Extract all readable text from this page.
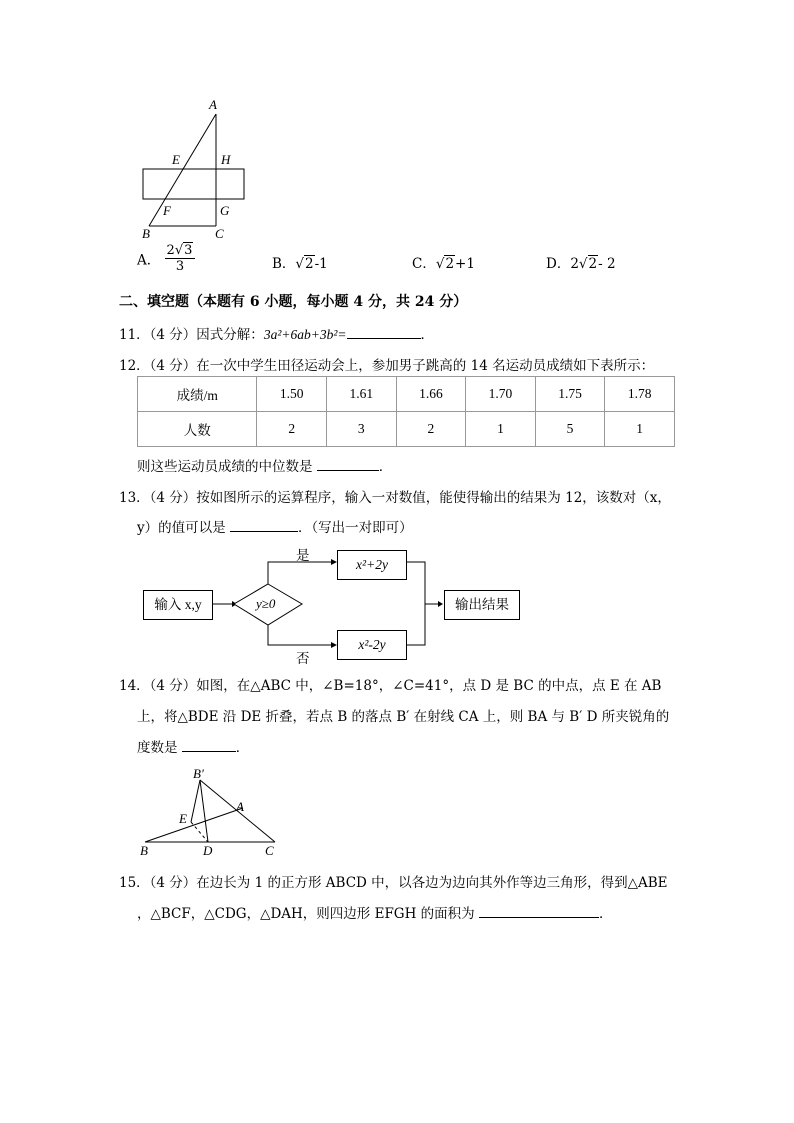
A
E	H
F	G
B	C
A． $\frac{2√3}{3}$	B．√2-1	C．√2+1	D．2√2- 2
二、填空题（本题有 6 小题，每小题 4 分，共 24 分）
11．（4 分）因式分解：3a²+6ab+3b²=	．
12．（4 分）在一次中学生田径运动会上，参加男子跳高的 14 名运动员成绩如下表所示：
成绩/m	1.50	1.61	1.66	1.70	1.75	1.78
人数	2	3	2	1	5	1
则这些运动员成绩的中位数是	．
13．（4 分）按如图所示的运算程序，输入一对数值，能使得输出的结果为 12，该数对（x，
y）的值可以是	．（写出一对即可）
输入 x,y	y≥0
是
否
x²+2y
x²-2y
输出结果
14．（4 分）如图，在△ABC 中，∠B=18°，∠C=41°，点 D 是 BC 的中点，点 E 在 AB
上，将△BDE 沿 DE 折叠，若点 B 的落点 B′ 在射线 CA 上，则 BA 与 B′ D 所夹锐角的
度数是	．
B′
A
E
B	D	C
15．（4 分）在边长为 1 的正方形 ABCD 中，以各边为边向其外作等边三角形，得到△ABE
，△BCF，△CDG，△DAH，则四边形 EFGH 的面积为	．
